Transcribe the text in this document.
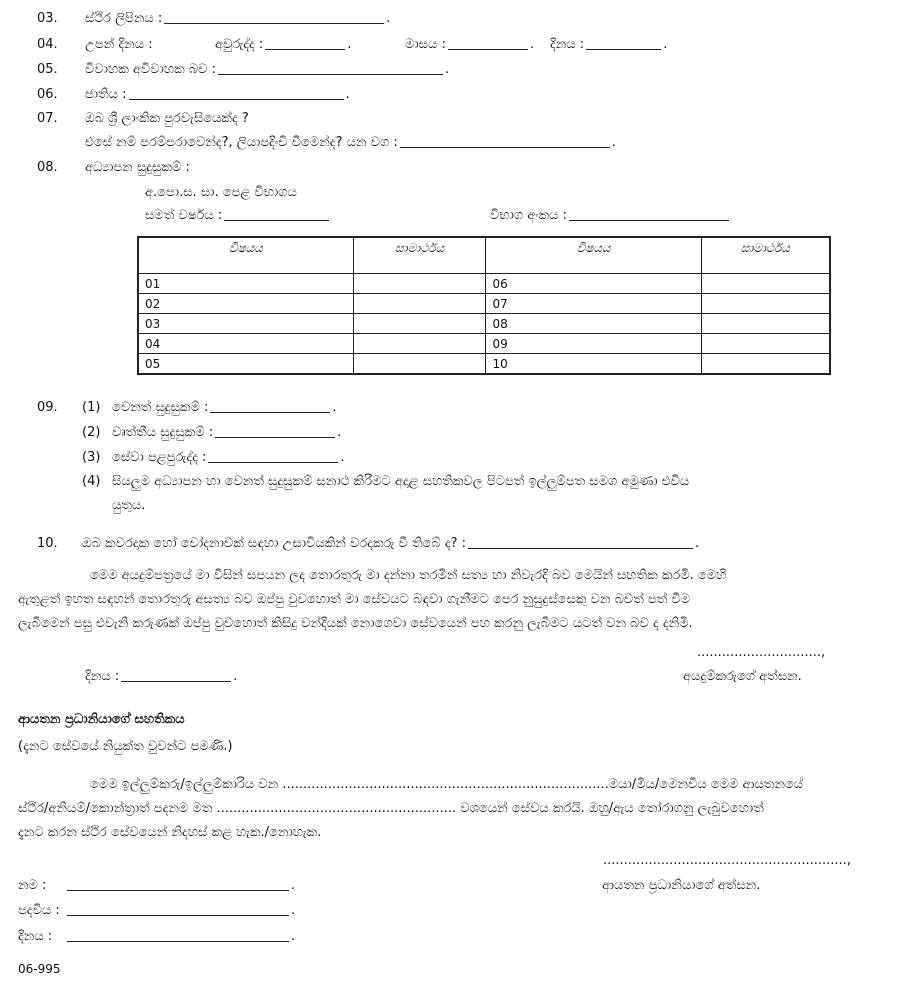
03. ස්ථිර ලිපිනය :	.
04. උපන් දිනය :	අවුරුද්ද :	.	මාසය :	. දිනය :	.
05. විවාහක අවිවාහක බව :	.
06. ජාතිය :	.
07. ඔබ ශ්‍රී ලාංකික පුරවැසියෙක්ද ?
එසේ නම් පරම්පරාවෙන්ද?, ලියාපදිංචි වීමෙන්ද? යන වග :	.
08. අධ්‍යාපන සුදුසුකම් :
අ.පො.ස. සා. පෙළ විභාගය
සමත් වර්ෂය :	විභාග අංකය :
විෂයය	සාමාර්ථය	විෂයය	සාමාර්ථය
01		06	
02		07	
03		08	
04		09	
05		10	
09. (1) වෙනත් සුදුසුකම් :	.
(2) වෘත්තීය සුදුසුකම් :	.
(3) සේවා පළපුරුද්ද :	.
(4) සියලුම අධ්‍යාපන හා වෙනත් සුදුසුකම් සනාථ කිරීමට අදාළ සහතිකවල පිටපත් ඉල්ලුම්පත සමග අමුණා එවිය
යුතුය.
10. ඔබ කවරදාක හෝ චෝදනාවක් සඳහා උසාවියකින් වරදකරු වී තිබේ ද? :	.
මෙම අයදුම්පත්‍රයේ මා විසින් සපයන ලද තොරතුරු මා දන්නා තරමින් සත්‍ය හා නිවැරදි බව මෙයින් සහතික කරමි. මෙහි
ඇතුළත් ඉහත සඳහන් තොරතුරු අසත්‍ය බව ඔප්පු වුවහොත් මා සේවයට බඳවා ගැනීමට පෙර නුසුදුස්සෙකු වන බවත් පත් වීම
ලැබීමෙන් පසු එවැනි කරුණක් ඔප්පු වුවහොත් කිසිදු වන්දියක් නොගෙවා සේවයෙන් පහ කරනු ලැබීමට යටත් වන බව ද දනිමි.
..............................,
දිනය :	.	අයදුම්කරුගේ අත්සන.
ආයතන ප්‍රධානියාගේ සහතිකය
(දැනට සේවයේ නියුක්ත වුවන්ට පමණි.)
මෙම ඉල්ලුම්කරු/ඉල්ලුම්කාරිය වන ...............................................................................මයා/මිය/මෙනවිය මෙම ආයතනයේ
ස්ථිර/අනියම්/කොන්ත්‍රාත් පදනම මත .......................................................... වශයෙන් සේවය කරයි. ඔහු/ඇය තෝරාගනු ලැබුවහොත්
දැනට කරන ස්ථිර සේවයෙන් නිදහස් කළ හැක./නොහැක.
...........................................................,
ආයතන ප්‍රධානියාගේ අත්සන.
නම :	.
පදවිය :	.
දිනය :	.
06-995
